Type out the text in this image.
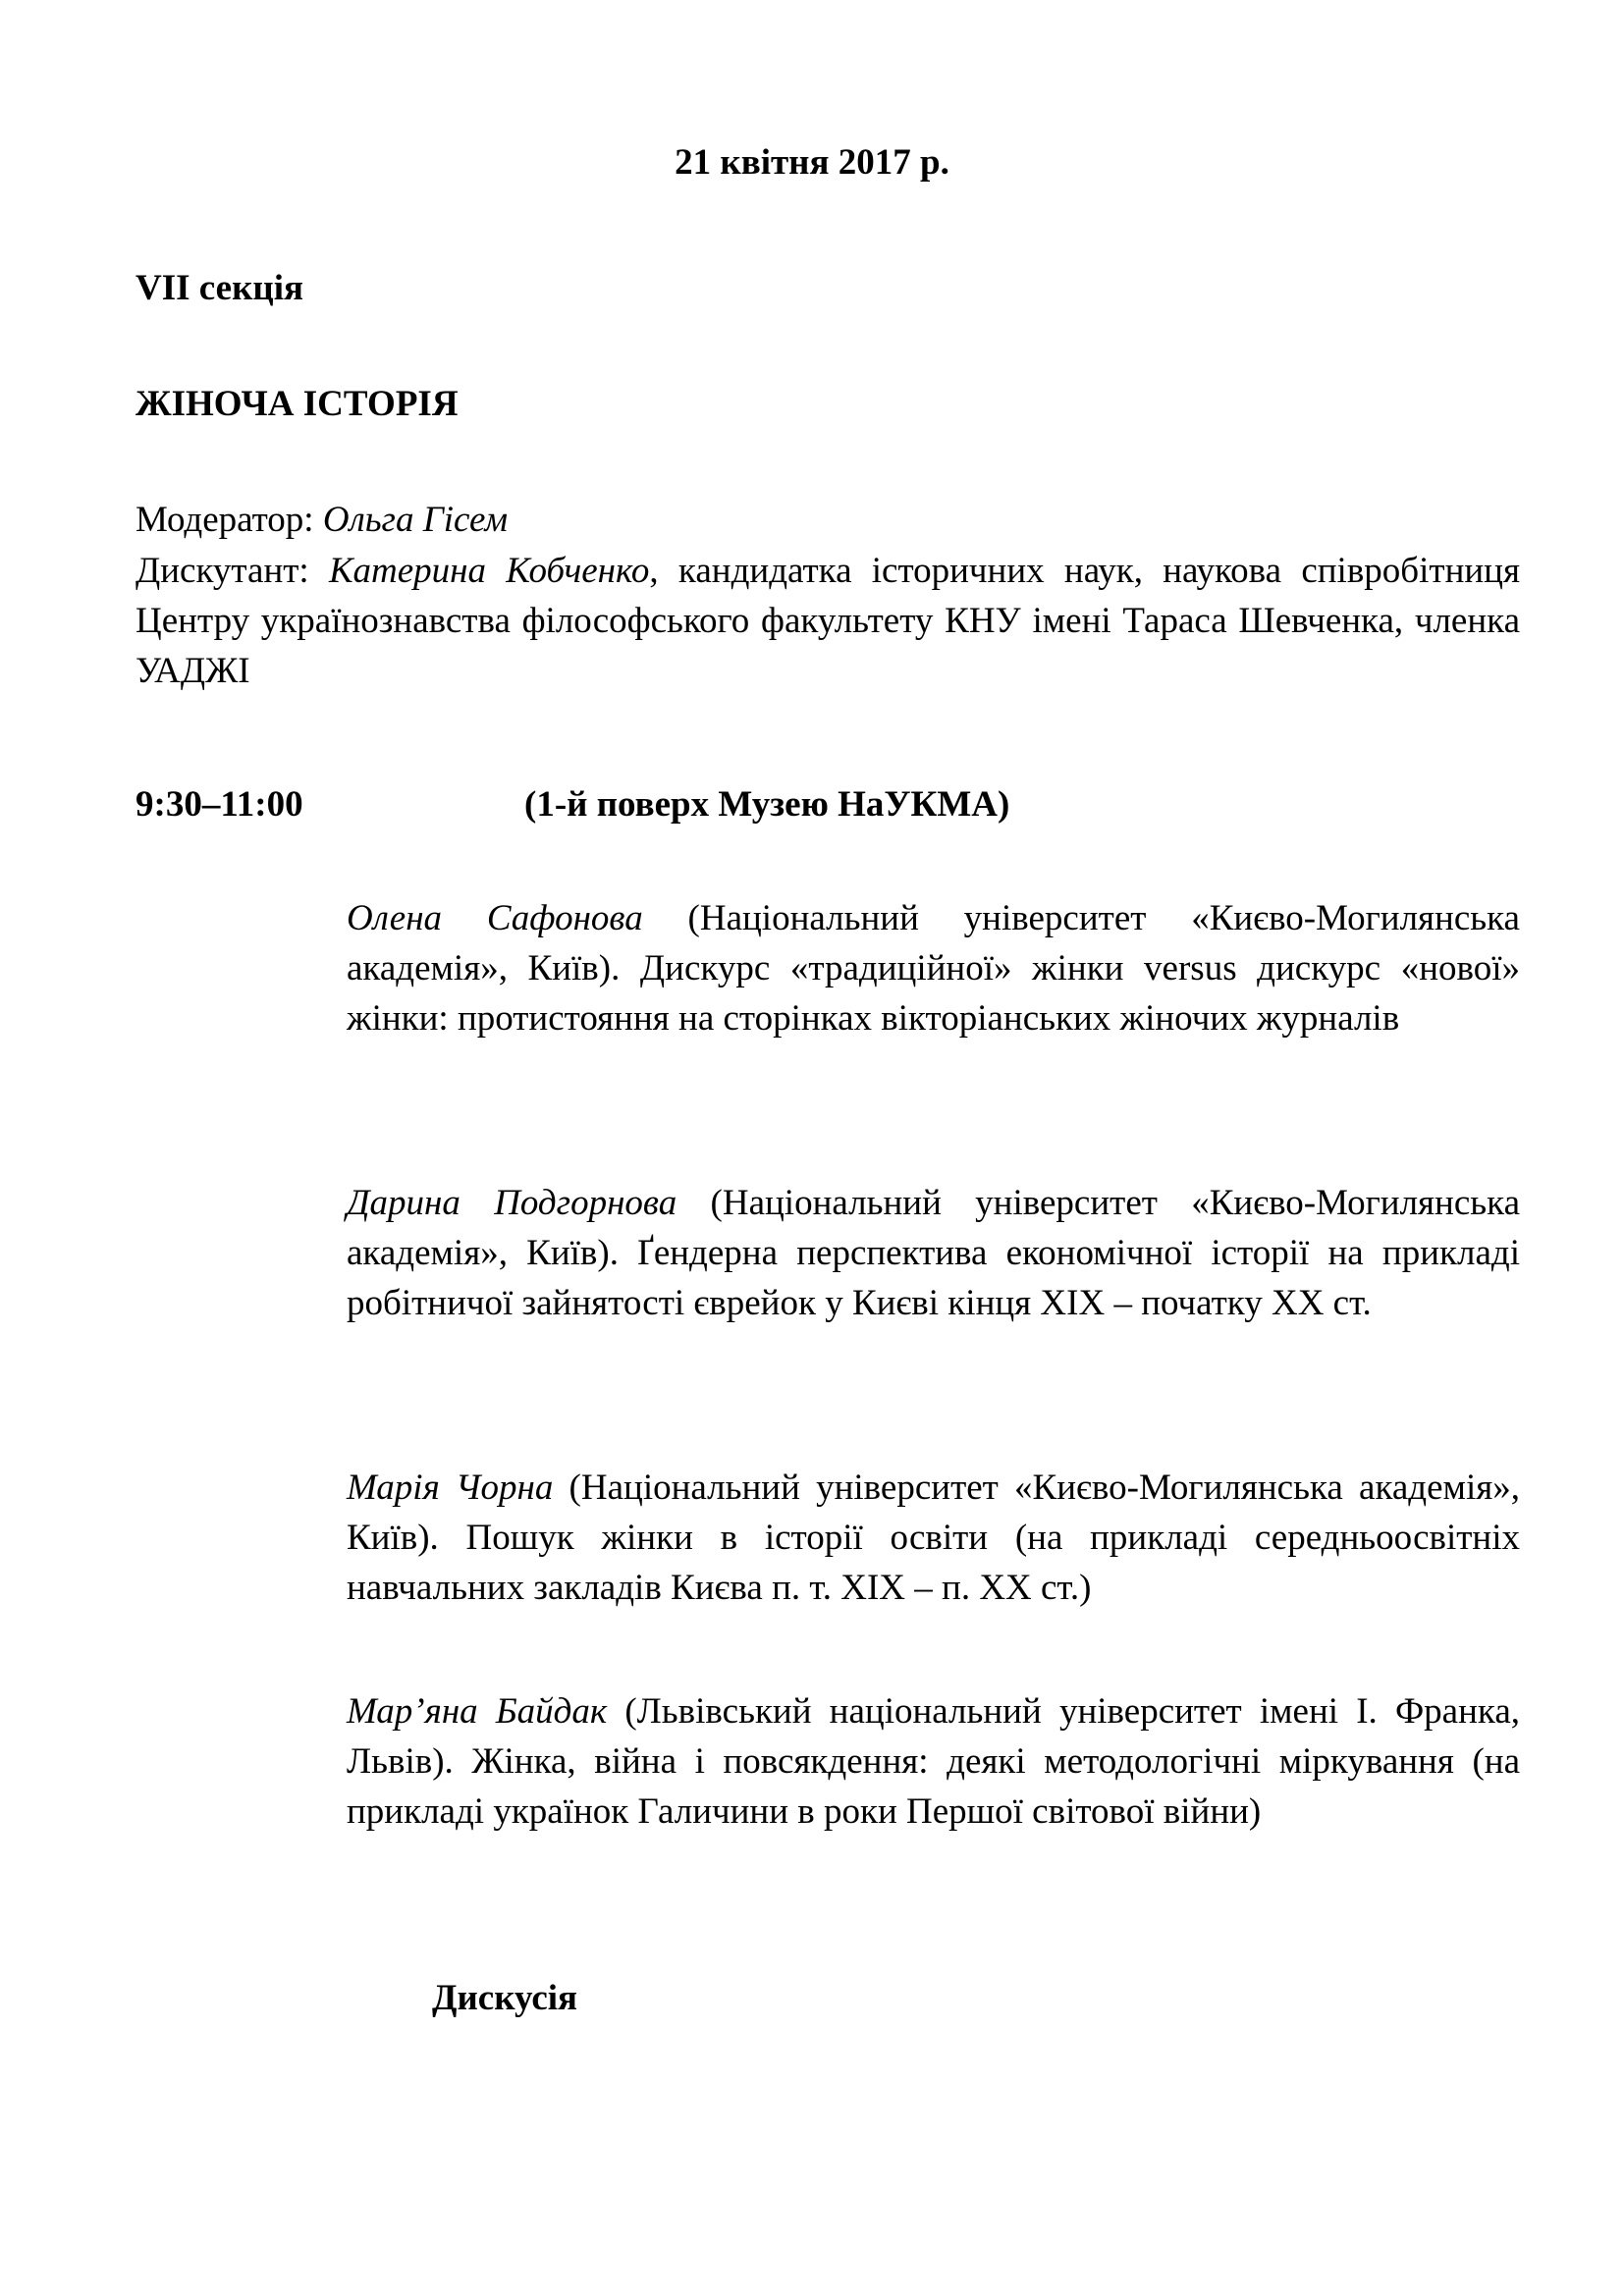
21 квітня 2017 р.
VII секція
ЖІНОЧА ІСТОРІЯ
Модератор: Ольга Гісем
Дискутант: Катерина Кобченко, кандидатка історичних наук, наукова співробітниця Центру українознавства філософського факультету КНУ імені Тараса Шевченка, членка УАДЖІ
9:30–11:00	(1-й поверх Музею НаУКМА)
Олена Сафонова (Національний університет «Києво-Могилянська академія», Київ). Дискурс «традиційної» жінки versus дискурс «нової» жінки: протистояння на сторінках вікторіанських жіночих журналів
Дарина Подгорнова (Національний університет «Києво-Могилянська академія», Київ). Ґендерна перспектива економічної історії на прикладі робітничої зайнятості єврейок у Києві кінця XIX – початку XX ст.
Марія Чорна (Національний університет «Києво-Могилянська академія», Київ). Пошук жінки в історії освіти (на прикладі середньоосвітніх навчальних закладів Києва п. т. XIX – п. XX ст.)
Мар’яна Байдак (Львівський національний університет імені І. Франка, Львів). Жінка, війна і повсякдення: деякі методологічні міркування (на прикладі українок Галичини в роки Першої світової війни)
Дискусія
